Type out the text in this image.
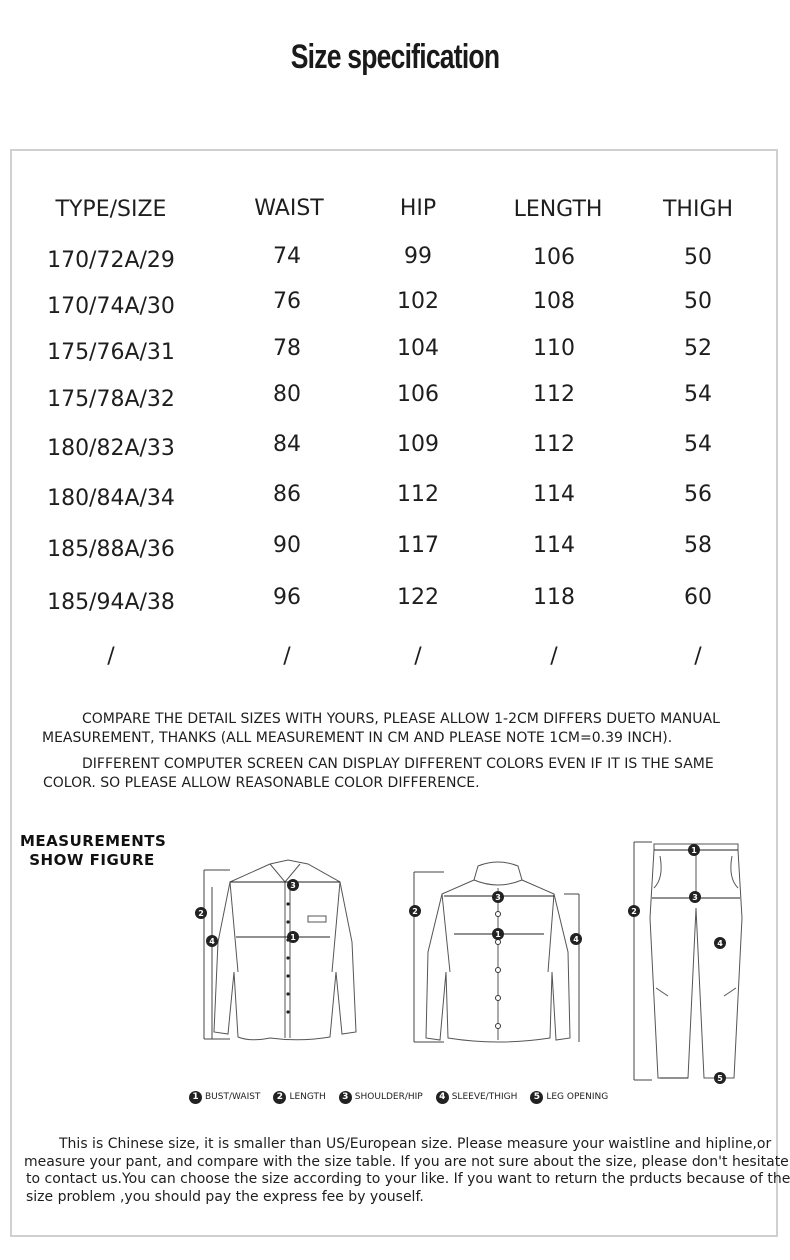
Size specification
TYPE/SIZE	WAIST	HIP	LENGTH	THIGH
170/72A/29	74	99	106	50
170/74A/30	76	102	108	50
175/76A/31	78	104	110	52
175/78A/32	80	106	112	54
180/82A/33	84	109	112	54
180/84A/34	86	112	114	56
185/88A/36	90	117	114	58
185/94A/38	96	122	118	60
/	/	/	/	/
COMPARE THE DETAIL SIZES WITH YOURS, PLEASE ALLOW 1-2CM DIFFERS DUETO MANUAL
MEASUREMENT, THANKS (ALL MEASUREMENT IN CM AND PLEASE NOTE 1CM=0.39 INCH).
DIFFERENT COMPUTER SCREEN CAN DISPLAY DIFFERENT COLORS EVEN IF IT IS THE SAME
COLOR. SO PLEASE ALLOW REASONABLE COLOR DIFFERENCE.
MEASUREMENTS
SHOW FIGURE
3
1
2
4
3
1
2
4
1
2
3
4
5
1 BUST/WAIST	2 LENGTH	3 SHOULDER/HIP	4 SLEEVE/THIGH	5 LEG OPENING
This is Chinese size, it is smaller than US/European size. Please measure your waistline and hipline,or
measure your pant, and compare with the size table. If you are not sure about the size, please don't hesitate
to contact us.You can choose the size according to your like. If you want to return the prducts because of the
size problem ,you should pay the express fee by youself.
